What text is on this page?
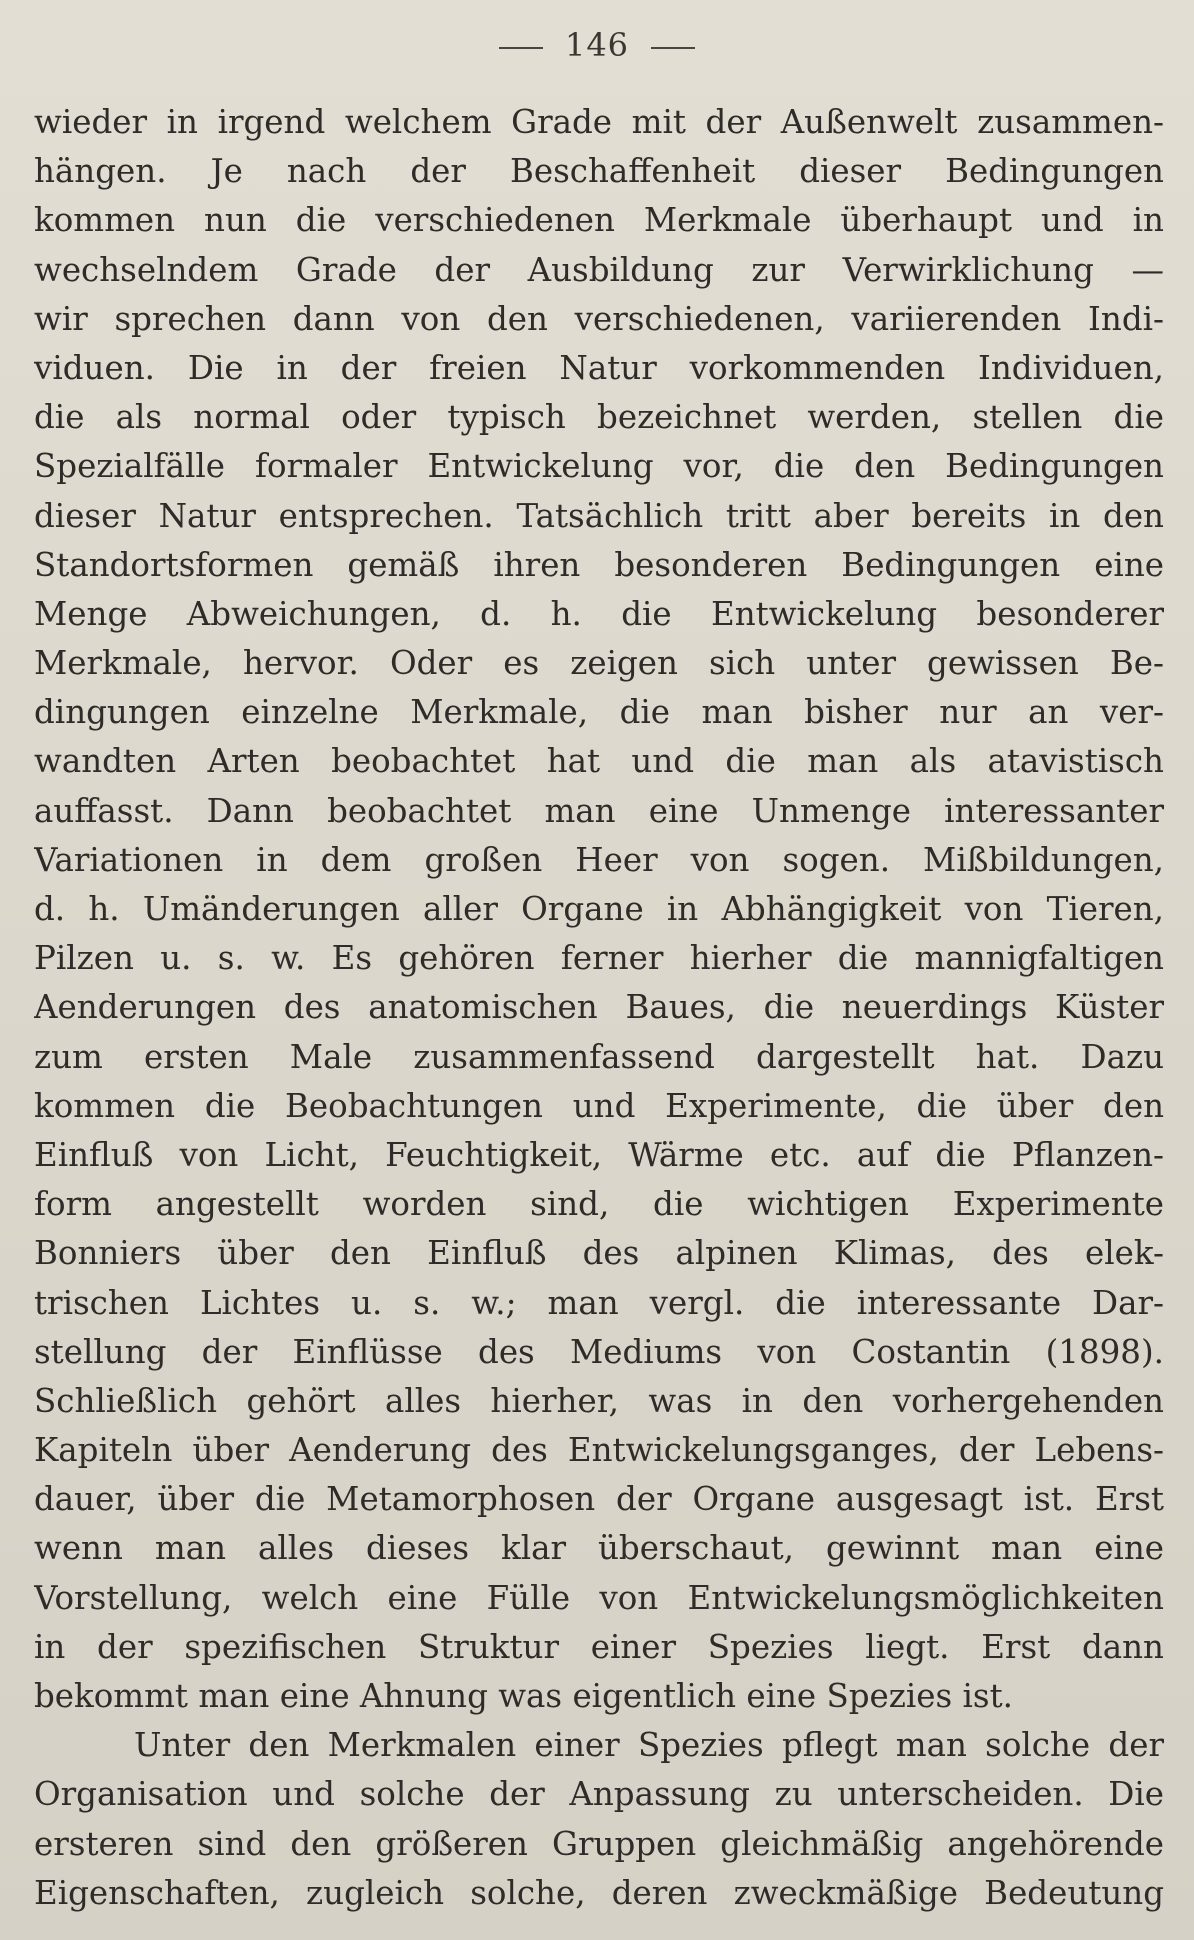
146
wieder in irgend welchem Grade mit der Außenwelt zusammen-
hängen. Je nach der Beschaffenheit dieser Bedingungen
kommen nun die verschiedenen Merkmale überhaupt und in
wechselndem Grade der Ausbildung zur Verwirklichung —
wir sprechen dann von den verschiedenen, variierenden Indi-
viduen. Die in der freien Natur vorkommenden Individuen,
die als normal oder typisch bezeichnet werden, stellen die
Spezialfälle formaler Entwickelung vor, die den Bedingungen
dieser Natur entsprechen. Tatsächlich tritt aber bereits in den
Standortsformen gemäß ihren besonderen Bedingungen eine
Menge Abweichungen, d. h. die Entwickelung besonderer
Merkmale, hervor. Oder es zeigen sich unter gewissen Be-
dingungen einzelne Merkmale, die man bisher nur an ver-
wandten Arten beobachtet hat und die man als atavistisch
auffasst. Dann beobachtet man eine Unmenge interessanter
Variationen in dem großen Heer von sogen. Mißbildungen,
d. h. Umänderungen aller Organe in Abhängigkeit von Tieren,
Pilzen u. s. w. Es gehören ferner hierher die mannigfaltigen
Aenderungen des anatomischen Baues, die neuerdings Küster
zum ersten Male zusammenfassend dargestellt hat. Dazu
kommen die Beobachtungen und Experimente, die über den
Einfluß von Licht, Feuchtigkeit, Wärme etc. auf die Pflanzen-
form angestellt worden sind, die wichtigen Experimente
Bonniers über den Einfluß des alpinen Klimas, des elek-
trischen Lichtes u. s. w.; man vergl. die interessante Dar-
stellung der Einflüsse des Mediums von Costantin (1898).
Schließlich gehört alles hierher, was in den vorhergehenden
Kapiteln über Aenderung des Entwickelungsganges, der Lebens-
dauer, über die Metamorphosen der Organe ausgesagt ist. Erst
wenn man alles dieses klar überschaut, gewinnt man eine
Vorstellung, welch eine Fülle von Entwickelungsmöglichkeiten
in der spezifischen Struktur einer Spezies liegt. Erst dann
bekommt man eine Ahnung was eigentlich eine Spezies ist.
Unter den Merkmalen einer Spezies pflegt man solche der
Organisation und solche der Anpassung zu unterscheiden. Die
ersteren sind den größeren Gruppen gleichmäßig angehörende
Eigenschaften, zugleich solche, deren zweckmäßige Bedeutung
